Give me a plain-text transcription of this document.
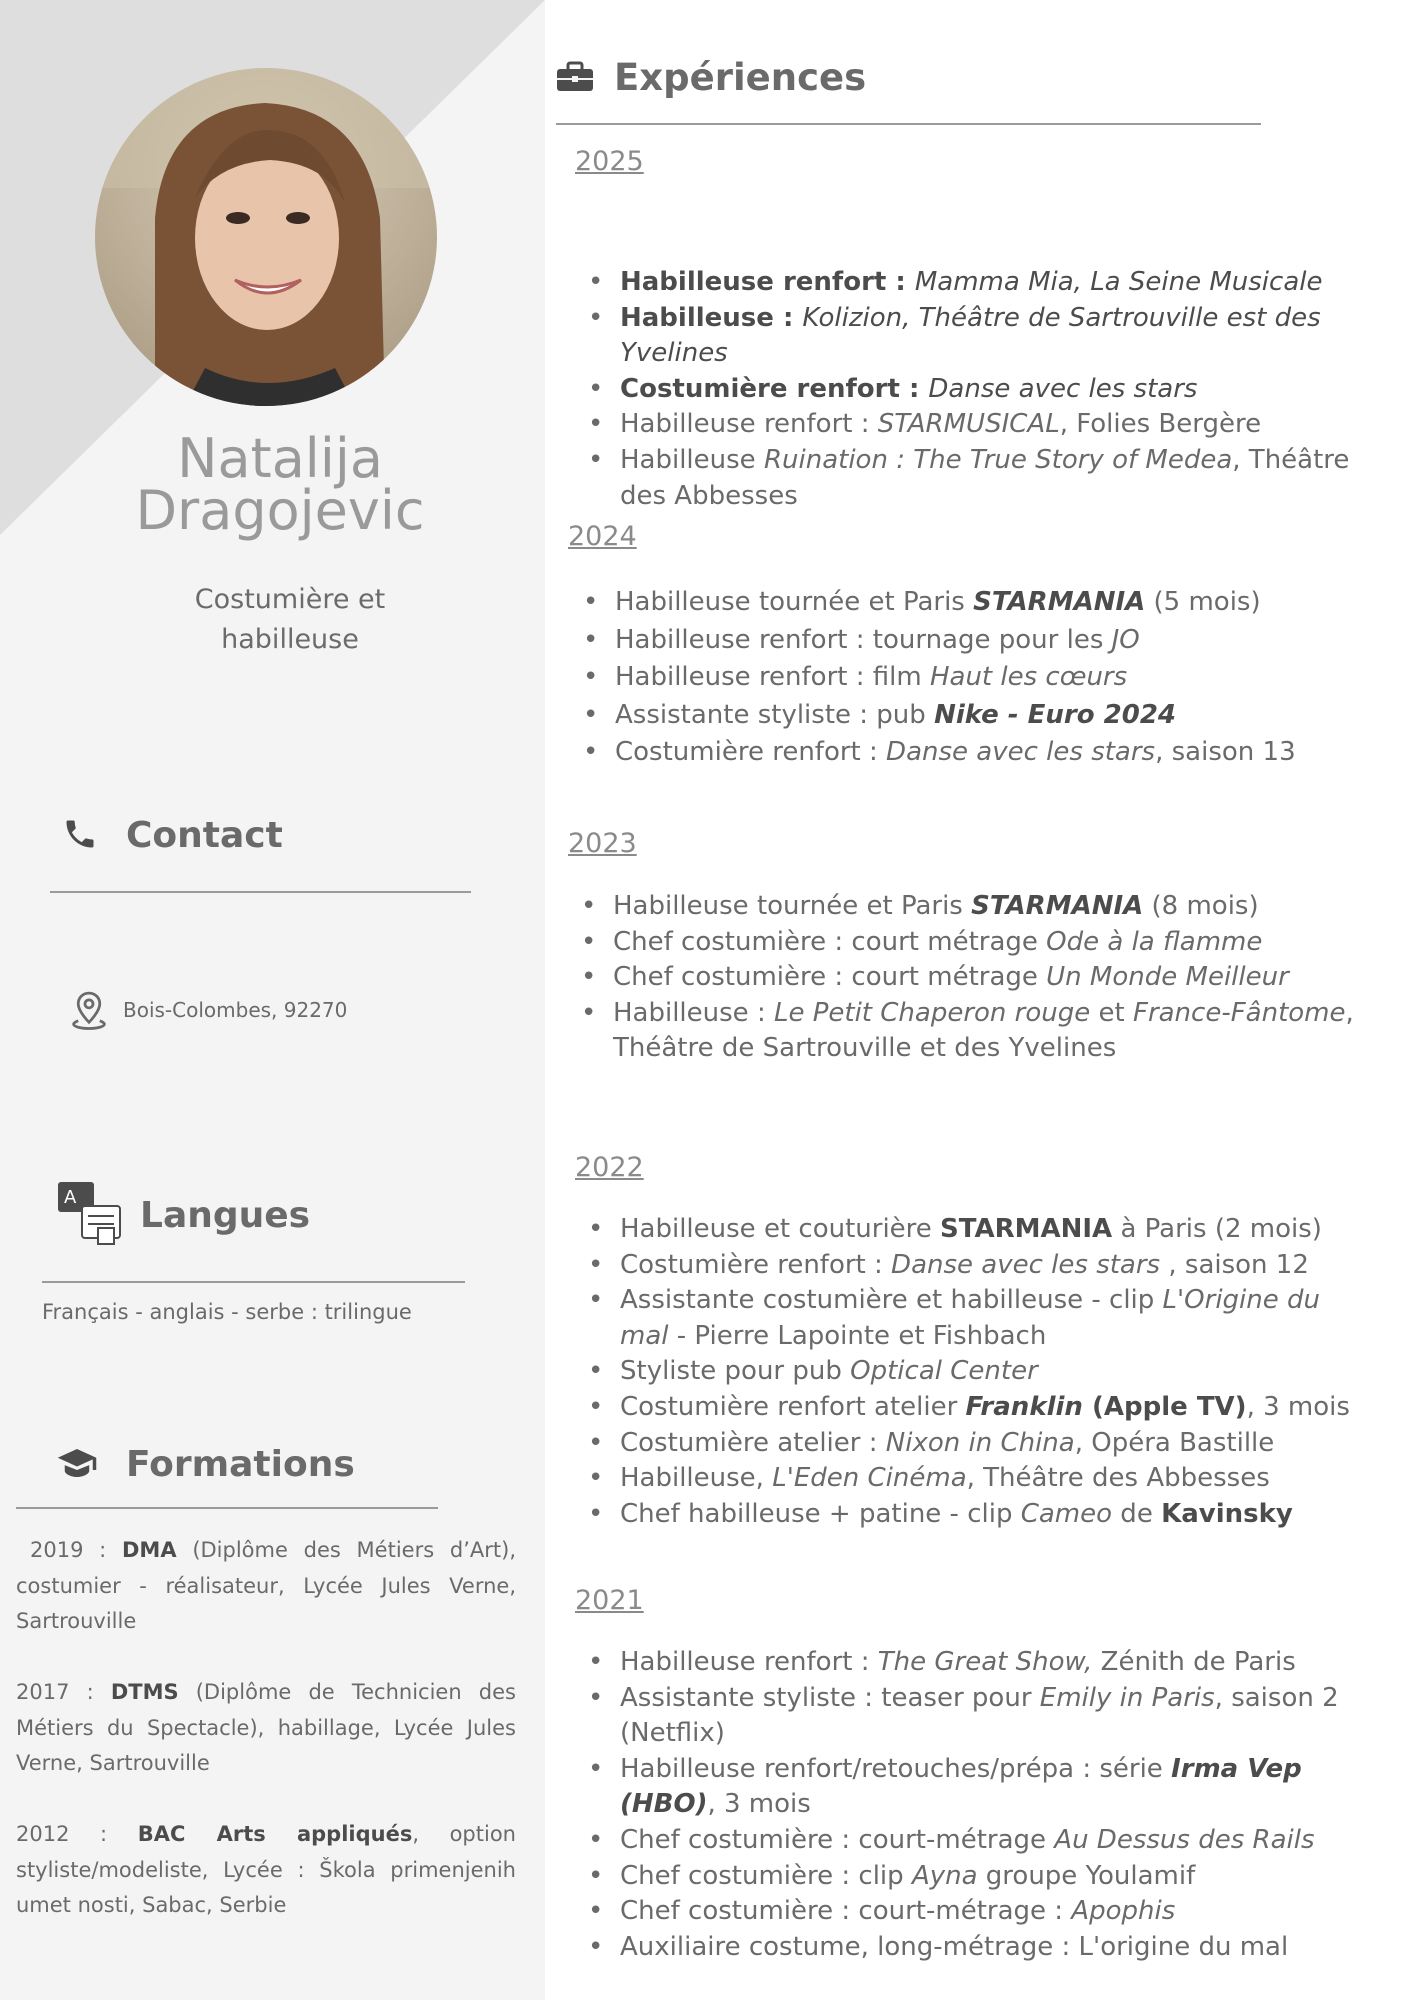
Natalija
Dragojevic
Costumière et
habilleuse
Contact
Bois-Colombes, 92270
A Langues
Français - anglais - serbe : trilingue
Formations
2019 : DMA (Diplôme des Métiers d’Art), costumier - réalisateur, Lycée Jules Verne, Sartrouville
2017 : DTMS (Diplôme de Technicien des Métiers du Spectacle), habillage, Lycée Jules Verne, Sartrouville
2012 : BAC Arts appliqués, option styliste/modeliste, Lycée : Škola primenjenih umet nosti, Sabac, Serbie
Expériences
2025
• Habilleuse renfort : Mamma Mia, La Seine Musicale
• Habilleuse : Kolizion, Théâtre de Sartrouville est des Yvelines
• Costumière renfort : Danse avec les stars
• Habilleuse renfort : STARMUSICAL, Folies Bergère
• Habilleuse Ruination : The True Story of Medea, Théâtre des Abbesses
2024
• Habilleuse tournée et Paris STARMANIA (5 mois)
• Habilleuse renfort : tournage pour les JO
• Habilleuse renfort : film Haut les cœurs
• Assistante styliste : pub Nike - Euro 2024
• Costumière renfort : Danse avec les stars, saison 13
2023
• Habilleuse tournée et Paris STARMANIA (8 mois)
• Chef costumière : court métrage Ode à la flamme
• Chef costumière : court métrage Un Monde Meilleur
• Habilleuse : Le Petit Chaperon rouge et France-Fântome, Théâtre de Sartrouville et des Yvelines
2022
• Habilleuse et couturière STARMANIA à Paris (2 mois)
• Costumière renfort : Danse avec les stars , saison 12
• Assistante costumière et habilleuse - clip L'Origine du mal - Pierre Lapointe et Fishbach
• Styliste pour pub Optical Center
• Costumière renfort atelier Franklin (Apple TV), 3 mois
• Costumière atelier : Nixon in China, Opéra Bastille
• Habilleuse, L'Eden Cinéma, Théâtre des Abbesses
• Chef habilleuse + patine - clip Cameo de Kavinsky
2021
• Habilleuse renfort : The Great Show, Zénith de Paris
• Assistante styliste : teaser pour Emily in Paris, saison 2 (Netflix)
• Habilleuse renfort/retouches/prépa : série Irma Vep (HBO), 3 mois
• Chef costumière : court-métrage Au Dessus des Rails
• Chef costumière : clip Ayna groupe Youlamif
• Chef costumière : court-métrage : Apophis
• Auxiliaire costume, long-métrage : L'origine du mal
